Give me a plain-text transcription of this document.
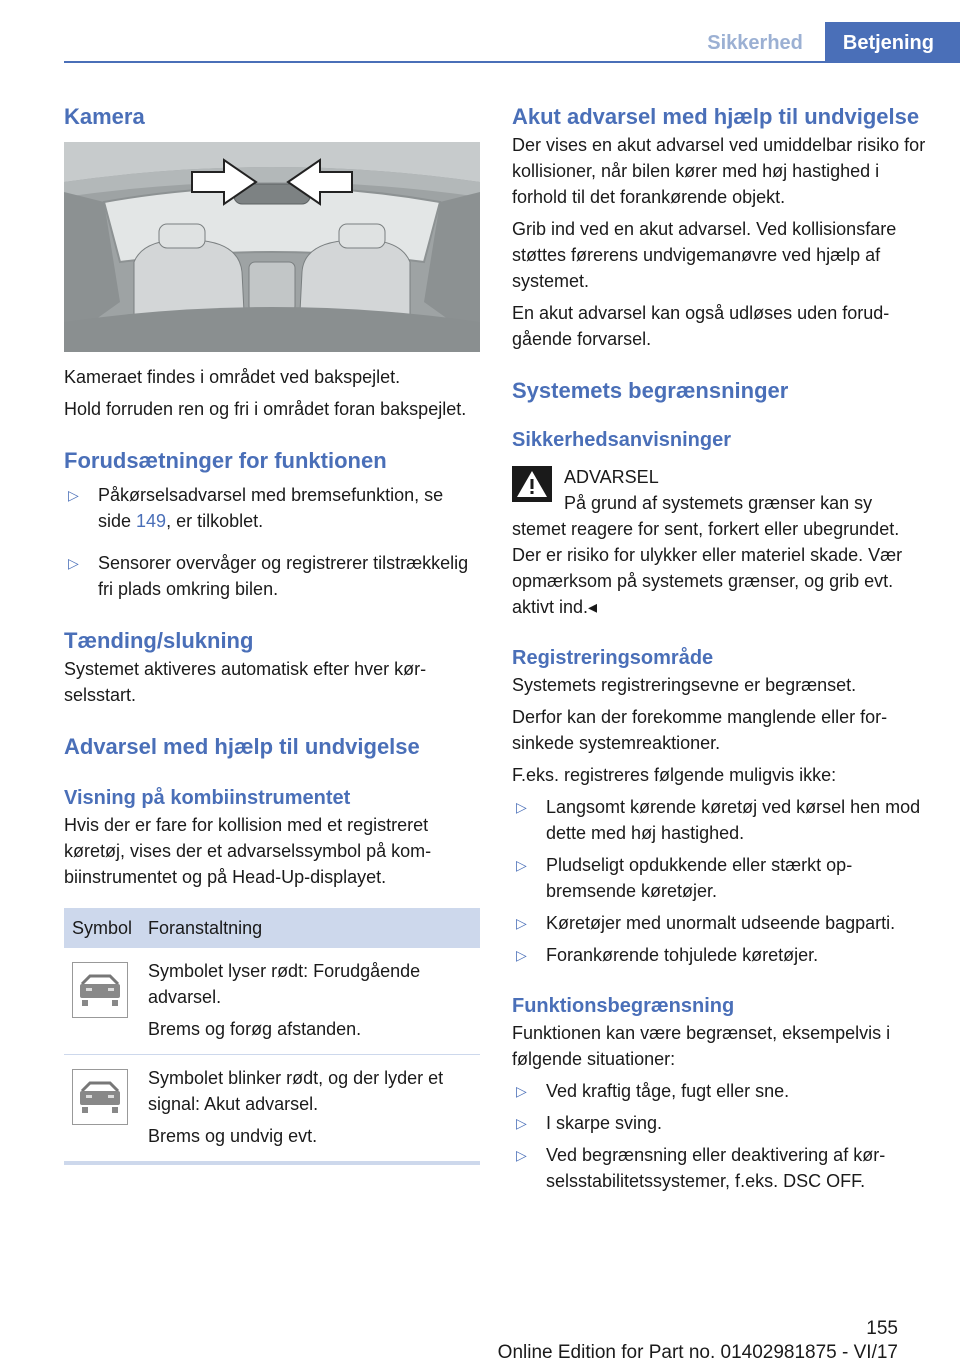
Sikkerhed	Betjening
Kamera

Kameraet findes i området ved bakspejlet.

Hold forruden ren og fri i området foran bakspejlet.

Forudsætninger for funktionen
▷ Påkørselsadvarsel med bremsefunktion, se side 149, er tilkoblet.
▷ Sensorer overvåger og registrerer tilstrækkelig fri plads omkring bilen.
Tænding/slukning

Systemet aktiveres automatisk efter hver kørselsstart.

Advarsel med hjælp til undvigelse
Visning på kombiinstrumentet

Hvis der er fare for kollision med et registreret køretøj, vises der et advarselssymbol på kombiinstrumentet og på Head-Up-displayet.

Symbol	Foranstaltning

Symbolet lyser rødt: Forudgående advarsel.
Brems og forøg afstanden.

Symbolet blinker rødt, og der lyder et signal: Akut advarsel.
Brems og undvig evt.
Akut advarsel med hjælp til undvigelse

Der vises en akut advarsel ved umiddelbar risiko for kollisioner, når bilen kører med høj hastighed i forhold til det forankørende objekt.

Grib ind ved en akut advarsel. Ved kollisionsfare støttes førerens undvigemanøvre ved hjælp af systemet.

En akut advarsel kan også udløses uden forudgående forvarsel.

Systemets begrænsninger
Sikkerhedsanvisninger
ADVARSEL
På grund af systemets grænser kan sy
stemet reagere for sent, forkert eller ubegrundet. Der er risiko for ulykker eller materiel skade. Vær opmærksom på systemets grænser, og grib evt. aktivt ind.◂
Registreringsområde

Systemets registreringsevne er begrænset.

Derfor kan der forekomme manglende eller forsinkede systemreaktioner.

F.eks. registreres følgende muligvis ikke:

▷ Langsomt kørende køretøj ved kørsel hen mod dette med høj hastighed.
▷ Pludseligt opdukkende eller stærkt opbremsende køretøjer.
▷ Køretøjer med unormalt udseende bagparti.
▷ Forankørende tohjulede køretøjer.
Funktionsbegrænsning

Funktionen kan være begrænset, eksempelvis i følgende situationer:

▷ Ved kraftig tåge, fugt eller sne.
▷ I skarpe sving.
▷ Ved begrænsning eller deaktivering af kørselsstabilitetssystemer, f.eks. DSC OFF.
155
Online Edition for Part no. 01402981875 - VI/17
